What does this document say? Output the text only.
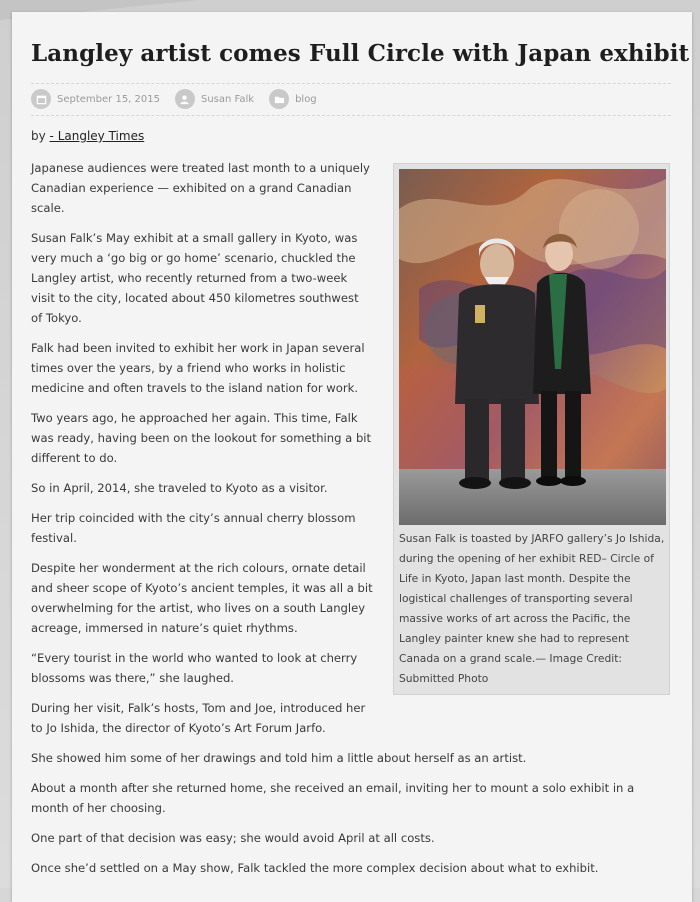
Langley artist comes Full Circle with Japan exhibit
September 15, 2015	Susan Falk	blog
by - Langley Times

Susan Falk is toasted by JARFO gallery’s Jo Ishida, during the opening of her exhibit RED– Circle of Life in Kyoto, Japan last month. Despite the logistical challenges of transporting several massive works of art across the Pacific, the Langley painter knew she had to represent Canada on a grand scale.— Image Credit: Submitted Photo

Japanese audiences were treated last month to a uniquely Canadian experience — exhibited on a grand Canadian scale.

Susan Falk’s May exhibit at a small gallery in Kyoto, was very much a ‘go big or go home’ scenario, chuckled the Langley artist, who recently returned from a two-week visit to the city, located about 450 kilometres southwest of Tokyo.

Falk had been invited to exhibit her work in Japan several times over the years, by a friend who works in holistic medicine and often travels to the island nation for work.

Two years ago, he approached her again. This time, Falk was ready, having been on the lookout for something a bit different to do.

So in April, 2014, she traveled to Kyoto as a visitor.

Her trip coincided with the city’s annual cherry blossom festival.

Despite her wonderment at the rich colours, ornate detail and sheer scope of Kyoto’s ancient temples, it was all a bit overwhelming for the artist, who lives on a south Langley acreage, immersed in nature’s quiet rhythms.

“Every tourist in the world who wanted to look at cherry blossoms was there,” she laughed.

During her visit, Falk’s hosts, Tom and Joe, introduced her to Jo Ishida, the director of Kyoto’s Art Forum Jarfo.

She showed him some of her drawings and told him a little about herself as an artist.

About a month after she returned home, she received an email, inviting her to mount a solo exhibit in a month of her choosing.

One part of that decision was easy; she would avoid April at all costs.

Once she’d settled on a May show, Falk tackled the more complex decision about what to exhibit.
